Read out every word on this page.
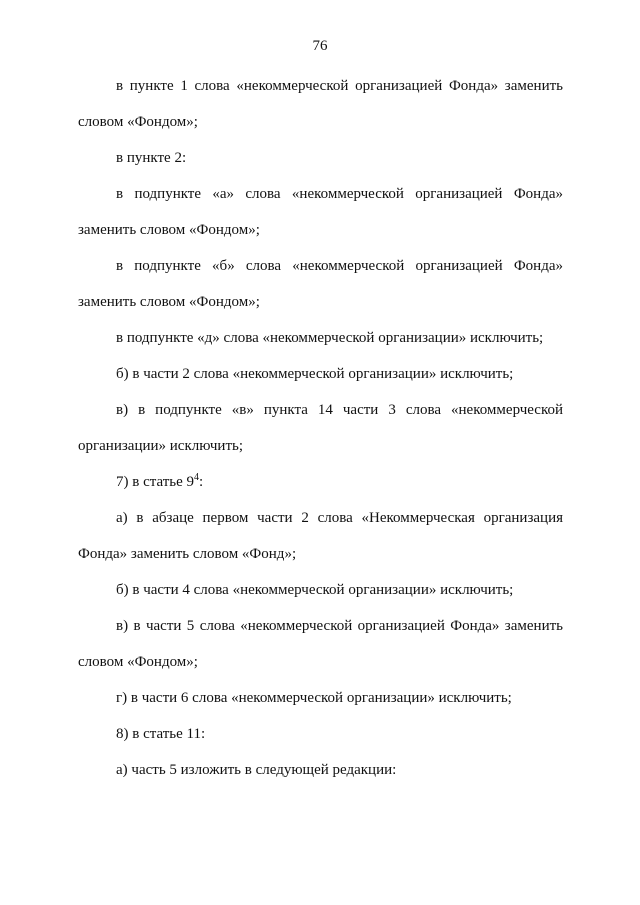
76

в пункте 1 слова «некоммерческой организацией Фонда» заменить словом «Фондом»;

в пункте 2:

в подпункте «а» слова «некоммерческой организацией Фонда» заменить словом «Фондом»;

в подпункте «б» слова «некоммерческой организацией Фонда» заменить словом «Фондом»;

в подпункте «д» слова «некоммерческой организации» исключить;

б) в части 2 слова «некоммерческой организации» исключить;

в) в подпункте «в» пункта 14 части 3 слова «некоммерческой организации» исключить;

7) в статье $9^4$:

а) в абзаце первом части 2 слова «Некоммерческая организация Фонда» заменить словом «Фонд»;

б) в части 4 слова «некоммерческой организации» исключить;

в) в части 5 слова «некоммерческой организацией Фонда» заменить словом «Фондом»;

г) в части 6 слова «некоммерческой организации» исключить;

8) в статье 11:

а) часть 5 изложить в следующей редакции:
